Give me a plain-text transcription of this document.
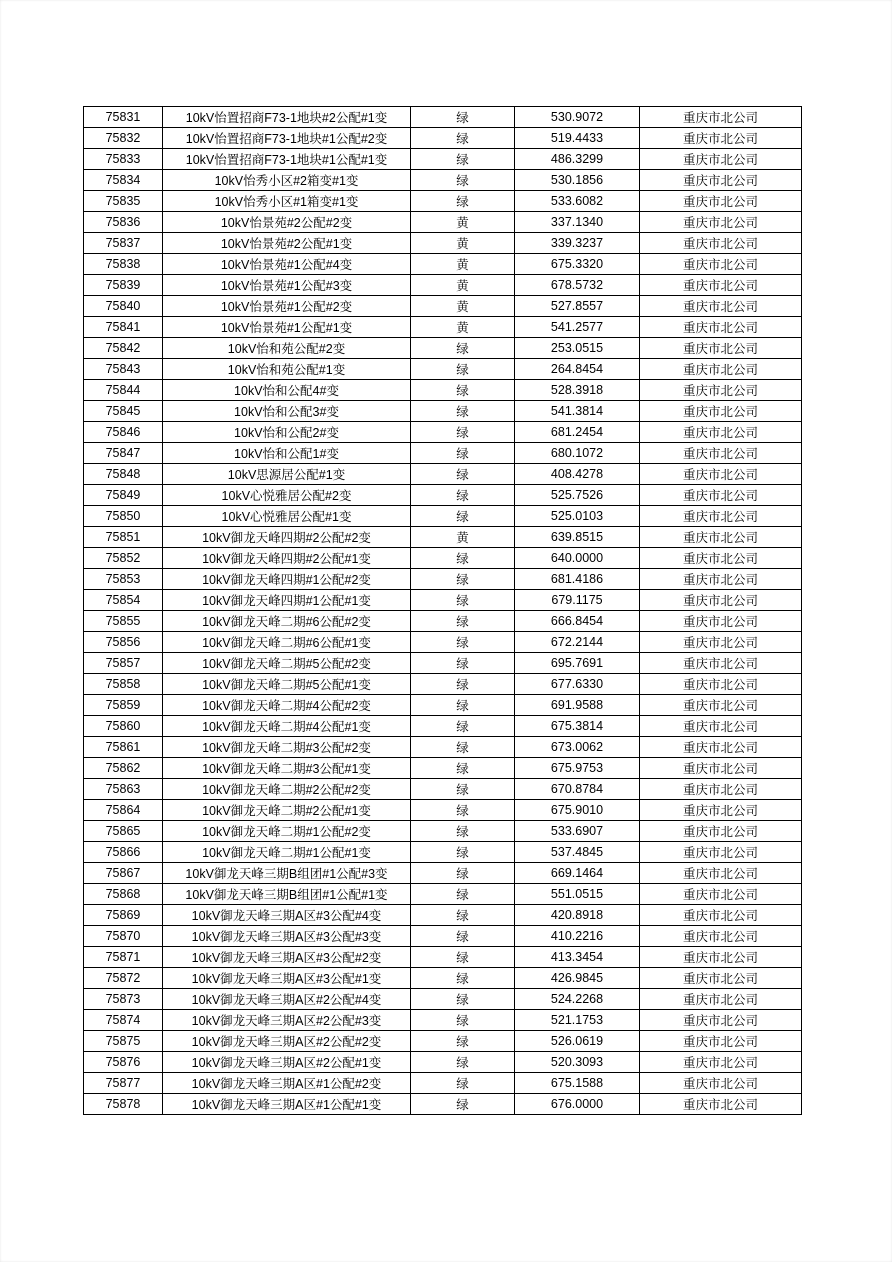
75831	10kV怡置招商F73-1地块#2公配#1变	绿	530.9072	重庆市北公司
75832	10kV怡置招商F73-1地块#1公配#2变	绿	519.4433	重庆市北公司
75833	10kV怡置招商F73-1地块#1公配#1变	绿	486.3299	重庆市北公司
75834	10kV怡秀小区#2箱变#1变	绿	530.1856	重庆市北公司
75835	10kV怡秀小区#1箱变#1变	绿	533.6082	重庆市北公司
75836	10kV怡景苑#2公配#2变	黄	337.1340	重庆市北公司
75837	10kV怡景苑#2公配#1变	黄	339.3237	重庆市北公司
75838	10kV怡景苑#1公配#4变	黄	675.3320	重庆市北公司
75839	10kV怡景苑#1公配#3变	黄	678.5732	重庆市北公司
75840	10kV怡景苑#1公配#2变	黄	527.8557	重庆市北公司
75841	10kV怡景苑#1公配#1变	黄	541.2577	重庆市北公司
75842	10kV怡和苑公配#2变	绿	253.0515	重庆市北公司
75843	10kV怡和苑公配#1变	绿	264.8454	重庆市北公司
75844	10kV怡和公配4#变	绿	528.3918	重庆市北公司
75845	10kV怡和公配3#变	绿	541.3814	重庆市北公司
75846	10kV怡和公配2#变	绿	681.2454	重庆市北公司
75847	10kV怡和公配1#变	绿	680.1072	重庆市北公司
75848	10kV思源居公配#1变	绿	408.4278	重庆市北公司
75849	10kV心悦雅居公配#2变	绿	525.7526	重庆市北公司
75850	10kV心悦雅居公配#1变	绿	525.0103	重庆市北公司
75851	10kV御龙天峰四期#2公配#2变	黄	639.8515	重庆市北公司
75852	10kV御龙天峰四期#2公配#1变	绿	640.0000	重庆市北公司
75853	10kV御龙天峰四期#1公配#2变	绿	681.4186	重庆市北公司
75854	10kV御龙天峰四期#1公配#1变	绿	679.1175	重庆市北公司
75855	10kV御龙天峰二期#6公配#2变	绿	666.8454	重庆市北公司
75856	10kV御龙天峰二期#6公配#1变	绿	672.2144	重庆市北公司
75857	10kV御龙天峰二期#5公配#2变	绿	695.7691	重庆市北公司
75858	10kV御龙天峰二期#5公配#1变	绿	677.6330	重庆市北公司
75859	10kV御龙天峰二期#4公配#2变	绿	691.9588	重庆市北公司
75860	10kV御龙天峰二期#4公配#1变	绿	675.3814	重庆市北公司
75861	10kV御龙天峰二期#3公配#2变	绿	673.0062	重庆市北公司
75862	10kV御龙天峰二期#3公配#1变	绿	675.9753	重庆市北公司
75863	10kV御龙天峰二期#2公配#2变	绿	670.8784	重庆市北公司
75864	10kV御龙天峰二期#2公配#1变	绿	675.9010	重庆市北公司
75865	10kV御龙天峰二期#1公配#2变	绿	533.6907	重庆市北公司
75866	10kV御龙天峰二期#1公配#1变	绿	537.4845	重庆市北公司
75867	10kV御龙天峰三期B组团#1公配#3变	绿	669.1464	重庆市北公司
75868	10kV御龙天峰三期B组团#1公配#1变	绿	551.0515	重庆市北公司
75869	10kV御龙天峰三期A区#3公配#4变	绿	420.8918	重庆市北公司
75870	10kV御龙天峰三期A区#3公配#3变	绿	410.2216	重庆市北公司
75871	10kV御龙天峰三期A区#3公配#2变	绿	413.3454	重庆市北公司
75872	10kV御龙天峰三期A区#3公配#1变	绿	426.9845	重庆市北公司
75873	10kV御龙天峰三期A区#2公配#4变	绿	524.2268	重庆市北公司
75874	10kV御龙天峰三期A区#2公配#3变	绿	521.1753	重庆市北公司
75875	10kV御龙天峰三期A区#2公配#2变	绿	526.0619	重庆市北公司
75876	10kV御龙天峰三期A区#2公配#1变	绿	520.3093	重庆市北公司
75877	10kV御龙天峰三期A区#1公配#2变	绿	675.1588	重庆市北公司
75878	10kV御龙天峰三期A区#1公配#1变	绿	676.0000	重庆市北公司
